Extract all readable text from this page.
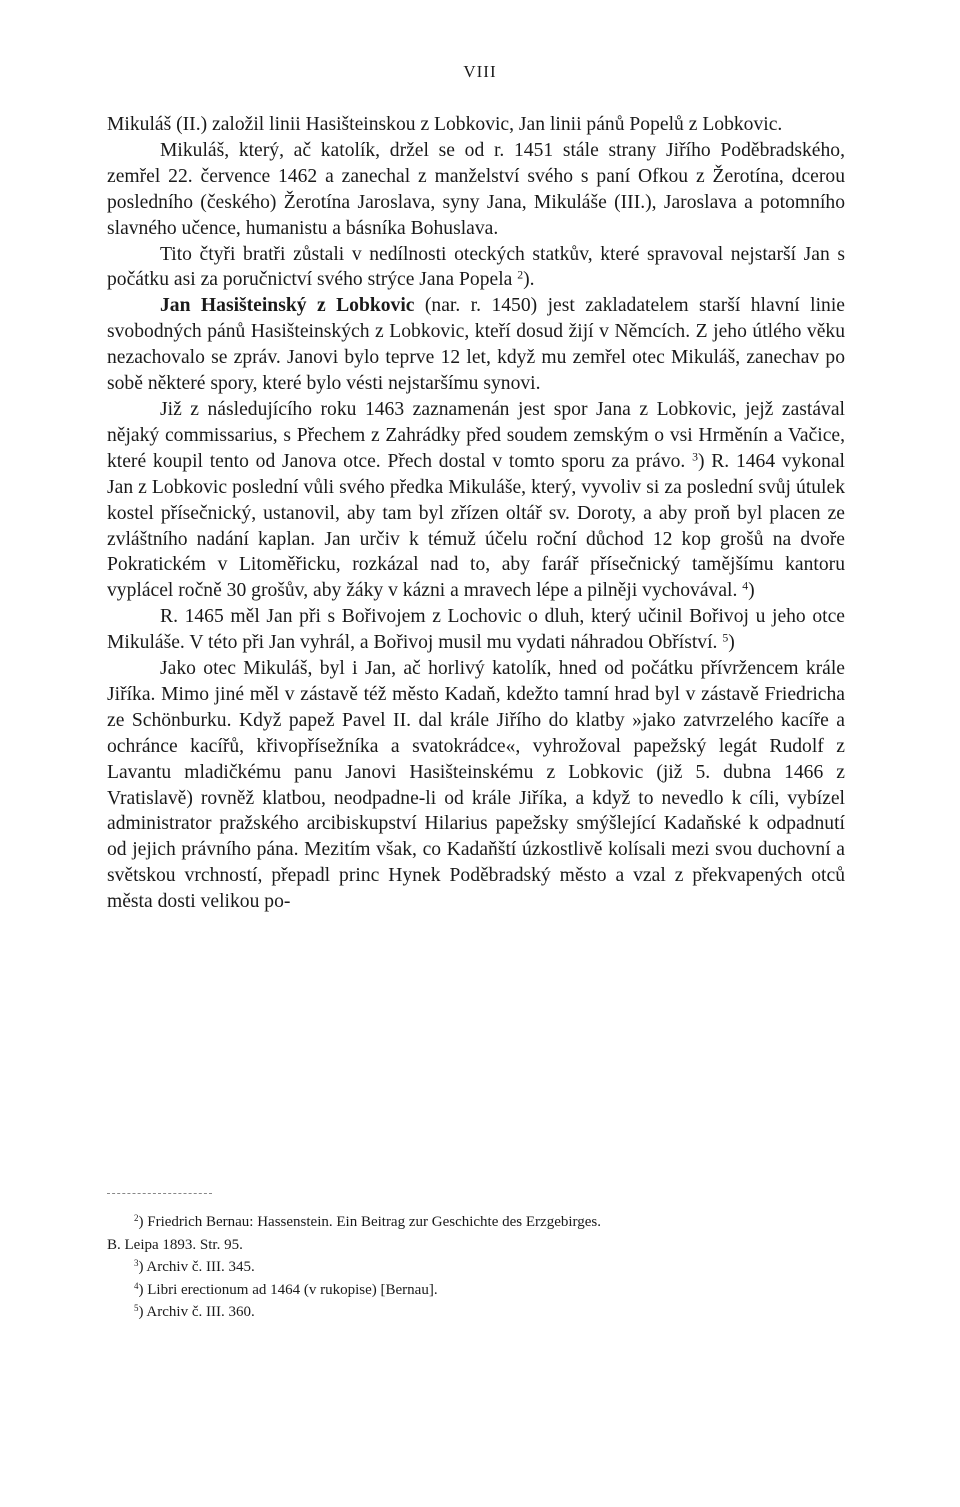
VIII

Mikuláš (II.) založil linii Hasišteinskou z Lobkovic, Jan linii pánů Popelů z Lobkovic.

Mikuláš, který, ač katolík, držel se od r. 1451 stále strany Jiřího Poděbradského, zemřel 22. července 1462 a zanechal z manželství svého s paní Ofkou z Žerotína, dcerou posledního (českého) Žerotína Jaroslava, syny Jana, Mikuláše (III.), Jaroslava a potomního slavného učence, humanistu a básníka Bohuslava.

Tito čtyři bratři zůstali v nedílnosti oteckých statkův, které spravoval nejstarší Jan s počátku asi za poručnictví svého strýce Jana Popela $^2$).

Jan Hasišteinský z Lobkovic (nar. r. 1450) jest zakladatelem starší hlavní linie svobodných pánů Hasišteinských z Lobkovic, kteří dosud žijí v Němcích. Z jeho útlého věku nezachovalo se zpráv. Janovi bylo teprve 12 let, když mu zemřel otec Mikuláš, zanechav po sobě některé spory, které bylo vésti nejstaršímu synovi.

Již z následujícího roku 1463 zaznamenán jest spor Jana z Lobkovic, jejž zastával nějaký commissarius, s Přechem z Zahrádky před soudem zemským o vsi Hrměnín a Vačice, které koupil tento od Janova otce. Přech dostal v tomto sporu za právo. $^3$) R. 1464 vykonal Jan z Lobkovic poslední vůli svého předka Mikuláše, který, vyvoliv si za poslední svůj útulek kostel přísečnický, ustanovil, aby tam byl zřízen oltář sv. Doroty, a aby proň byl placen ze zvláštního nadání kaplan. Jan určiv k témuž účelu roční důchod 12 kop grošů na dvoře Pokratickém v Litoměřicku, rozkázal nad to, aby farář přísečnický tamějšímu kantoru vyplácel ročně 30 grošův, aby žáky v kázni a mravech lépe a pilněji vychovával. $^4$)

R. 1465 měl Jan při s Bořivojem z Lochovic o dluh, který učinil Bořivoj u jeho otce Mikuláše. V této při Jan vyhrál, a Bořivoj musil mu vydati náhradou Obříství. $^5$)

Jako otec Mikuláš, byl i Jan, ač horlivý katolík, hned od počátku přívržencem krále Jiříka. Mimo jiné měl v zástavě též město Kadaň, kdežto tamní hrad byl v zástavě Friedricha ze Schönburku. Když papež Pavel II. dal krále Jiřího do klatby »jako zatvrzelého kacíře a ochránce kacířů, křivopřísežníka a svatokrádce«, vyhrožoval papežský legát Rudolf z Lavantu mladičkému panu Janovi Hasišteinskému z Lobkovic (již 5. dubna 1466 z Vratislavě) rovněž klatbou, neodpadne-li od krále Jiříka, a když to nevedlo k cíli, vybízel administrator pražského arcibiskupství Hilarius papežsky smýšlející Kadaňské k odpadnutí od jejich právního pána. Mezitím však, co Kadaňští úzkostlivě kolísali mezi svou duchovní a světskou vrchností, přepadl princ Hynek Poděbradský město a vzal z překvapených otců města dosti velikou po-

$^2$) Friedrich Bernau: Hassenstein. Ein Beitrag zur Geschichte des Erzgebirges.

B. Leipa 1893. Str. 95.

$^3$) Archiv č. III. 345.

$^4$) Libri erectionum ad 1464 (v rukopise) [Bernau].

$^5$) Archiv č. III. 360.
